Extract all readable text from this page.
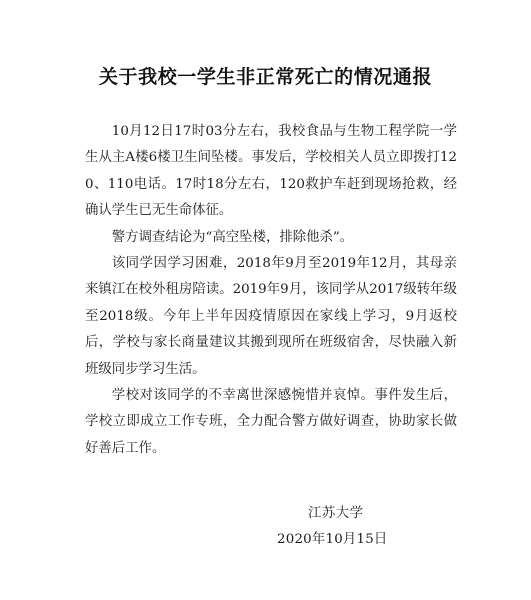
关于我校一学生非正常死亡的情况通报

10月12日17时03分左右，我校食品与生物工程学院一学生从主A楼6楼卫生间坠楼。事发后，学校相关人员立即拨打120、110电话。17时18分左右，120救护车赶到现场抢救，经确认学生已无生命体征。

警方调查结论为“高空坠楼，排除他杀”。

该同学因学习困难，2018年9月至2019年12月，其母亲来镇江在校外租房陪读。2019年9月，该同学从2017级转年级至2018级。今年上半年因疫情原因在家线上学习，9月返校后，学校与家长商量建议其搬到现所在班级宿舍，尽快融入新班级同步学习生活。

学校对该同学的不幸离世深感惋惜并哀悼。事件发生后，学校立即成立工作专班，全力配合警方做好调查，协助家长做好善后工作。

江苏大学
2020年10月15日
